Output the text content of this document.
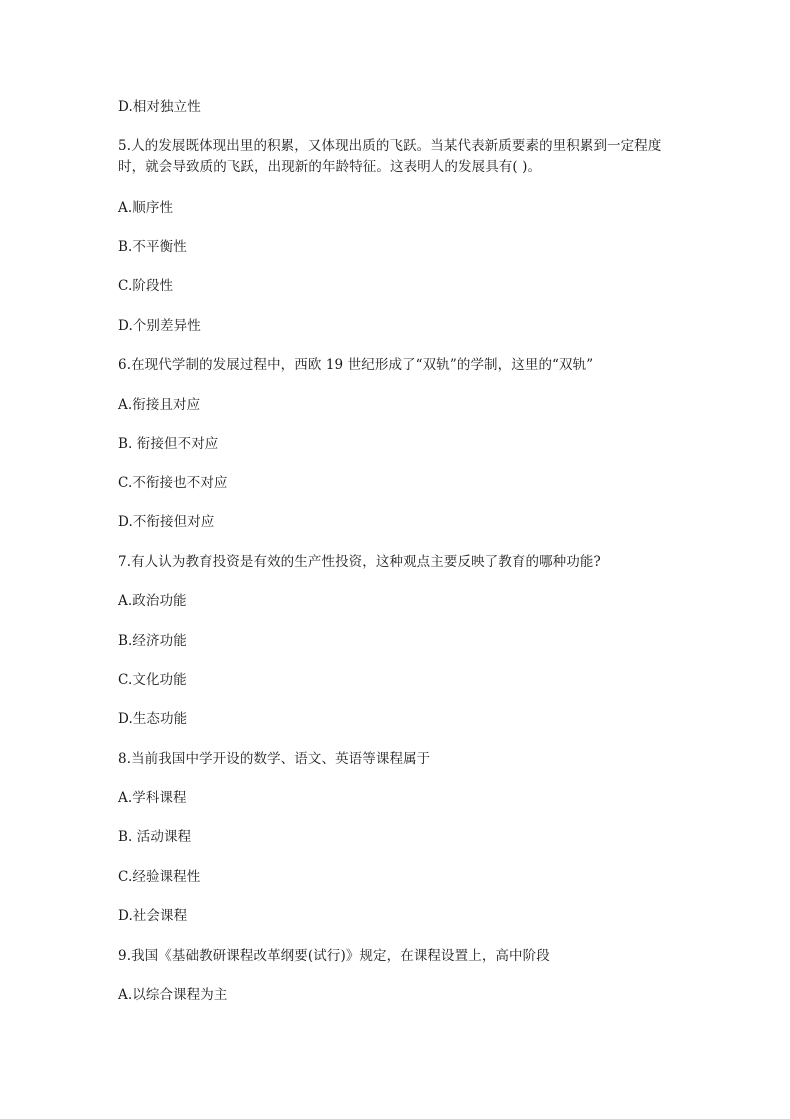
D.相对独立性
5.人的发展既体现出里的积累，又体现出质的飞跃。当某代表新质要素的里积累到一定程度时，就会导致质的飞跃，出现新的年龄特征。这表明人的发展具有( )。
A.顺序性
B.不平衡性
C.阶段性
D.个别差异性
6.在现代学制的发展过程中，西欧 19 世纪形成了“双轨”的学制，这里的“双轨”
A.衔接且对应
B. 衔接但不对应
C.不衔接也不对应
D.不衔接但对应
7.有人认为教育投资是有效的生产性投资，这种观点主要反映了教育的哪种功能?
A.政治功能
B.经济功能
C.文化功能
D.生态功能
8.当前我国中学开设的数学、语文、英语等课程属于
A.学科课程
B. 活动课程
C.经验课程性
D.社会课程
9.我国《基础教研课程改革纲要(试行)》规定，在课程设置上，高中阶段
A.以综合课程为主
